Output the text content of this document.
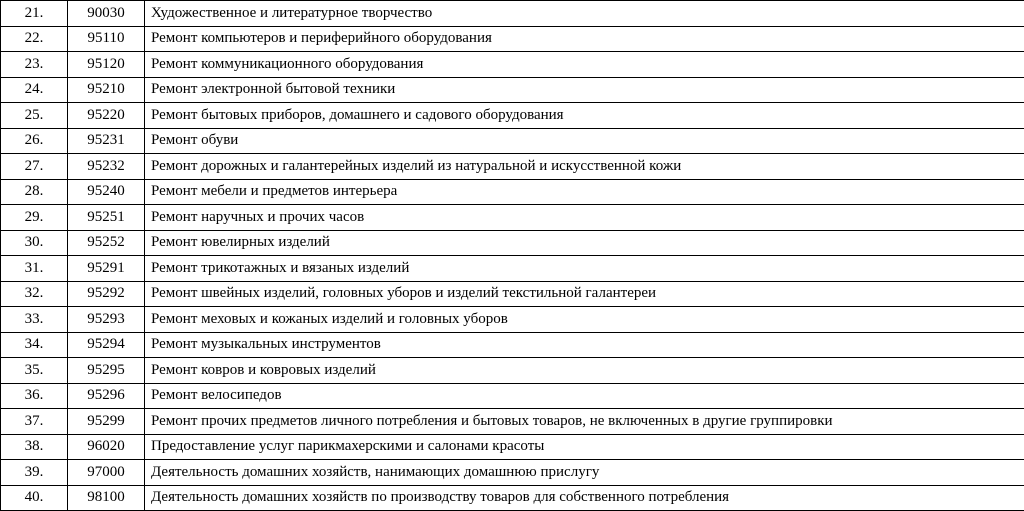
21.	90030	Художественное и литературное творчество
22.	95110	Ремонт компьютеров и периферийного оборудования
23.	95120	Ремонт коммуникационного оборудования
24.	95210	Ремонт электронной бытовой техники
25.	95220	Ремонт бытовых приборов, домашнего и садового оборудования
26.	95231	Ремонт обуви
27.	95232	Ремонт дорожных и галантерейных изделий из натуральной и искусственной кожи
28.	95240	Ремонт мебели и предметов интерьера
29.	95251	Ремонт наручных и прочих часов
30.	95252	Ремонт ювелирных изделий
31.	95291	Ремонт трикотажных и вязаных изделий
32.	95292	Ремонт швейных изделий, головных уборов и изделий текстильной галантереи
33.	95293	Ремонт меховых и кожаных изделий и головных уборов
34.	95294	Ремонт музыкальных инструментов
35.	95295	Ремонт ковров и ковровых изделий
36.	95296	Ремонт велосипедов
37.	95299	Ремонт прочих предметов личного потребления и бытовых товаров, не включенных в другие группировки
38.	96020	Предоставление услуг парикмахерскими и салонами красоты
39.	97000	Деятельность домашних хозяйств, нанимающих домашнюю прислугу
40.	98100	Деятельность домашних хозяйств по производству товаров для собственного потребления
